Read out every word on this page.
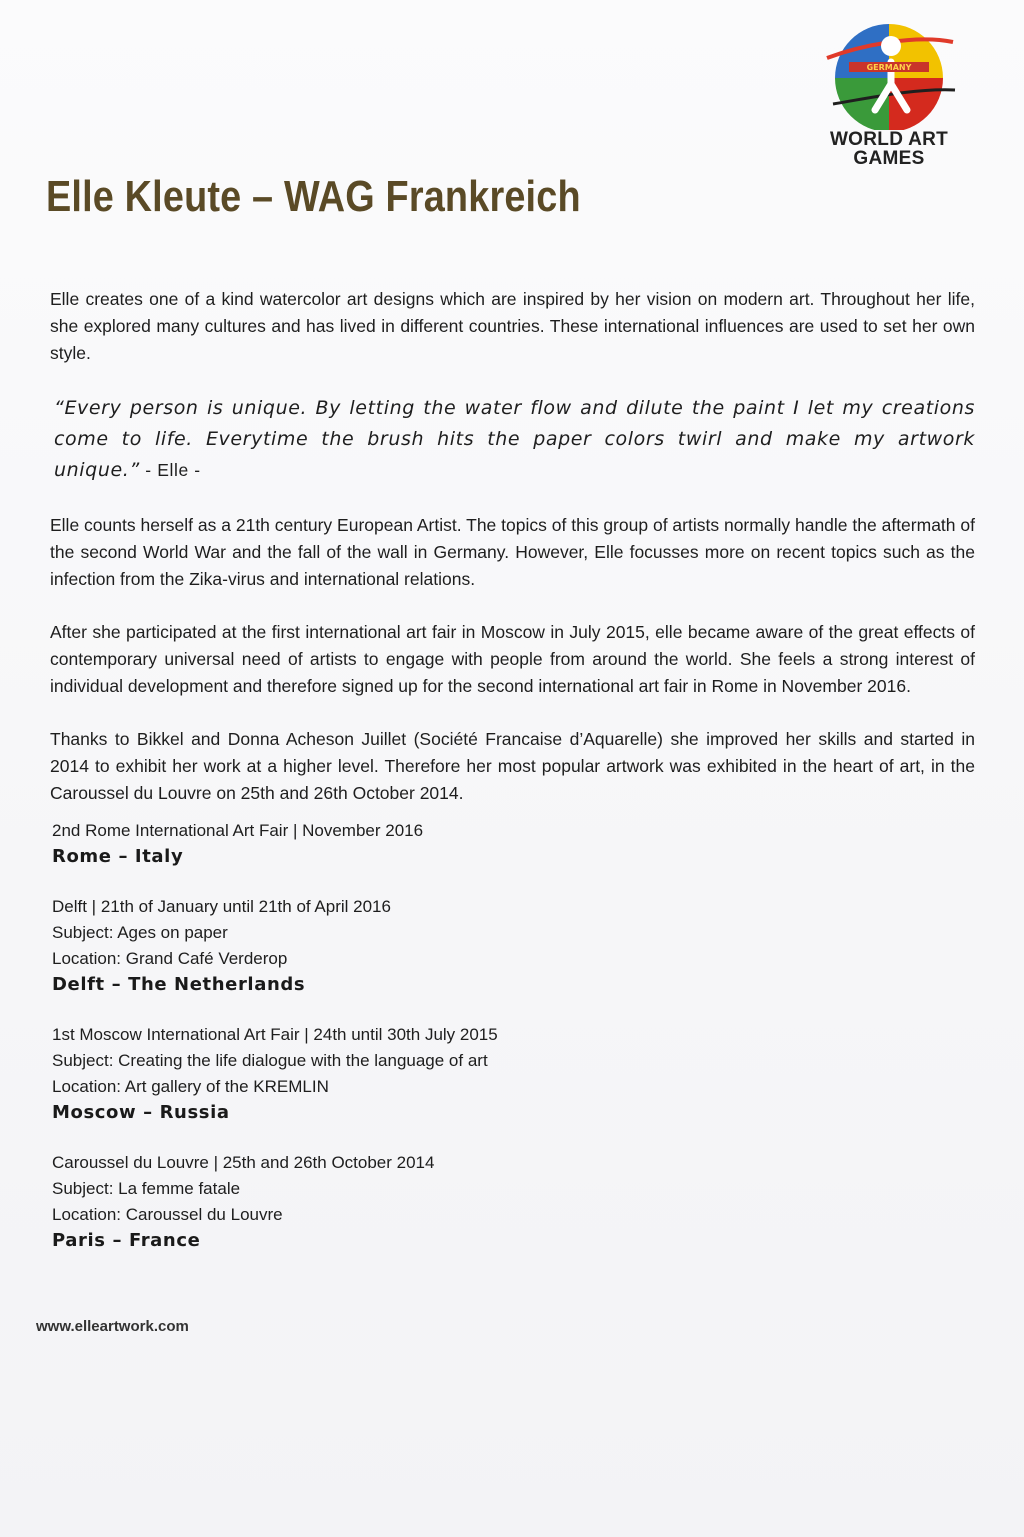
GERMANY
WORLD ART
GAMES
Elle Kleute – WAG Frankreich

Elle creates one of a kind watercolor art designs which are inspired by her vision on modern art. Throughout her life, she explored many cultures and has lived in different countries. These international influences are used to set her own style.

“Every person is unique. By letting the water flow and dilute the paint I let my creations come to life. Everytime the brush hits the paper colors twirl and make my artwork unique.” - Elle -

Elle counts herself as a 21th century European Artist. The topics of this group of artists normally handle the aftermath of the second World War and the fall of the wall in Germany. However, Elle focusses more on recent topics such as the infection from the Zika-virus and international relations.

After she participated at the first international art fair in Moscow in July 2015, elle became aware of the great effects of contemporary universal need of artists to engage with people from around the world. She feels a strong interest of individual development and therefore signed up for the second international art fair in Rome in November 2016.

Thanks to Bikkel and Donna Acheson Juillet (Société Francaise d’Aquarelle) she improved her skills and started in 2014 to exhibit her work at a higher level. Therefore her most popular artwork was exhibited in the heart of art, in the Caroussel du Louvre on 25th and 26th October 2014.

2nd Rome International Art Fair | November 2016
Rome – Italy
Delft | 21th of January until 21th of April 2016
Subject: Ages on paper
Location: Grand Café Verderop
Delft – The Netherlands
1st Moscow International Art Fair | 24th until 30th July 2015
Subject: Creating the life dialogue with the language of art
Location: Art gallery of the KREMLIN
Moscow – Russia
Caroussel du Louvre | 25th and 26th October 2014
Subject: La femme fatale
Location: Caroussel du Louvre
Paris – France
www.elleartwork.com
